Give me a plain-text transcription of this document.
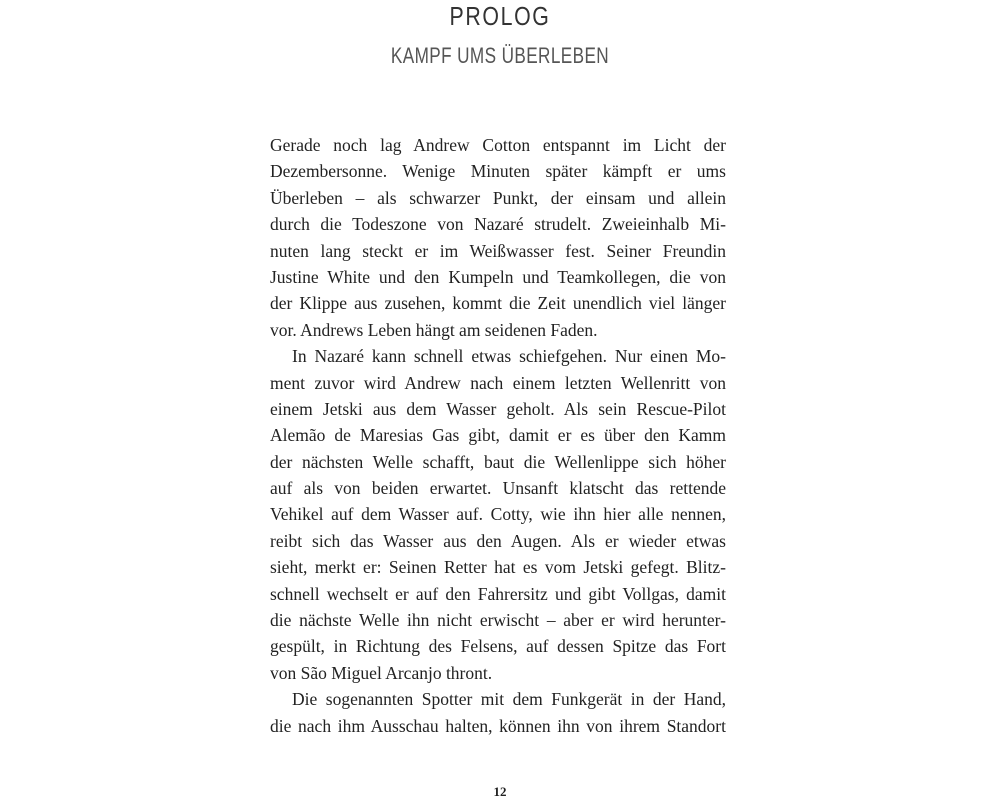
PROLOG
KAMPF UMS ÜBERLEBEN
Gerade noch lag Andrew Cotton entspannt im Licht der
Dezembersonne. Wenige Minuten später kämpft er ums
Überleben – als schwarzer Punkt, der einsam und allein
durch die Todeszone von Nazaré strudelt. Zweieinhalb Mi-
nuten lang steckt er im Weißwasser fest. Seiner Freundin
Justine White und den Kumpeln und Teamkollegen, die von
der Klippe aus zusehen, kommt die Zeit unendlich viel länger
vor. Andrews Leben hängt am seidenen Faden.
In Nazaré kann schnell etwas schiefgehen. Nur einen Mo-
ment zuvor wird Andrew nach einem letzten Wellenritt von
einem Jetski aus dem Wasser geholt. Als sein Rescue-Pilot
Alemão de Maresias Gas gibt, damit er es über den Kamm
der nächsten Welle schafft, baut die Wellenlippe sich höher
auf als von beiden erwartet. Unsanft klatscht das rettende
Vehikel auf dem Wasser auf. Cotty, wie ihn hier alle nennen,
reibt sich das Wasser aus den Augen. Als er wieder etwas
sieht, merkt er: Seinen Retter hat es vom Jetski gefegt. Blitz-
schnell wechselt er auf den Fahrersitz und gibt Vollgas, damit
die nächste Welle ihn nicht erwischt – aber er wird herunter-
gespült, in Richtung des Felsens, auf dessen Spitze das Fort
von São Miguel Arcanjo thront.
Die sogenannten Spotter mit dem Funkgerät in der Hand,
die nach ihm Ausschau halten, können ihn von ihrem Standort
12
